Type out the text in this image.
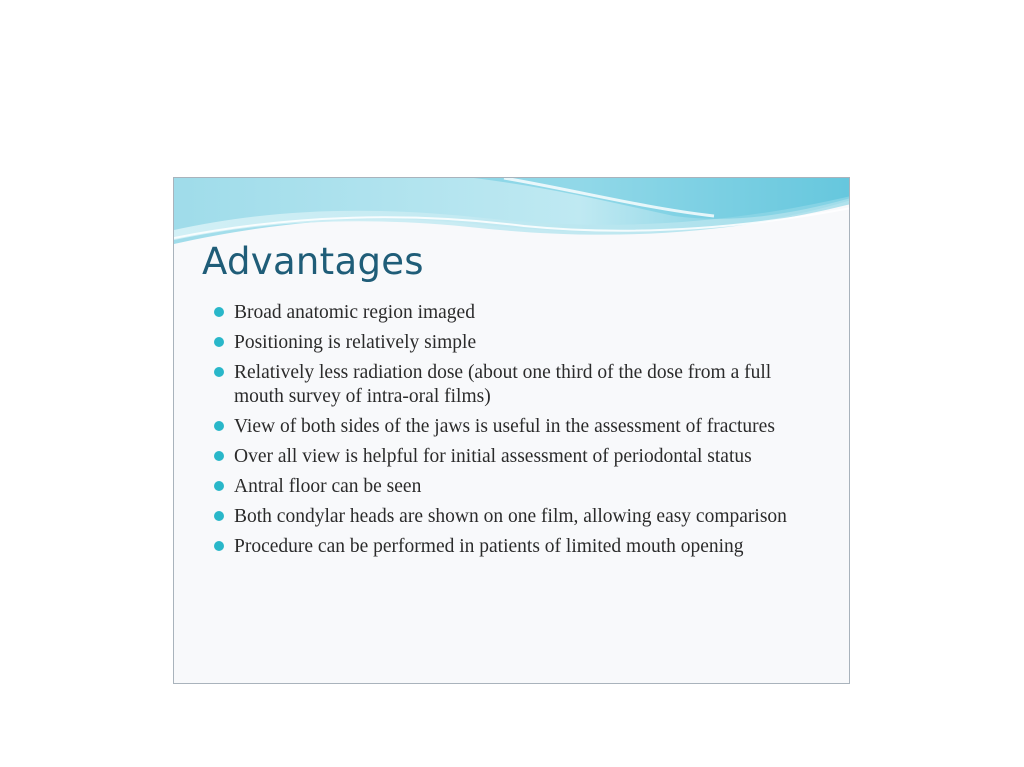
Advantages
Broad anatomic region imaged
Positioning is relatively simple
Relatively less radiation dose (about one third of the dose from a full mouth survey of intra-oral films)
View of both sides of the jaws is useful in the assessment of fractures
Over all view is helpful for initial assessment of periodontal status
Antral floor can be seen
Both condylar heads are shown on one film, allowing easy comparison
Procedure can be performed in patients of limited mouth opening
